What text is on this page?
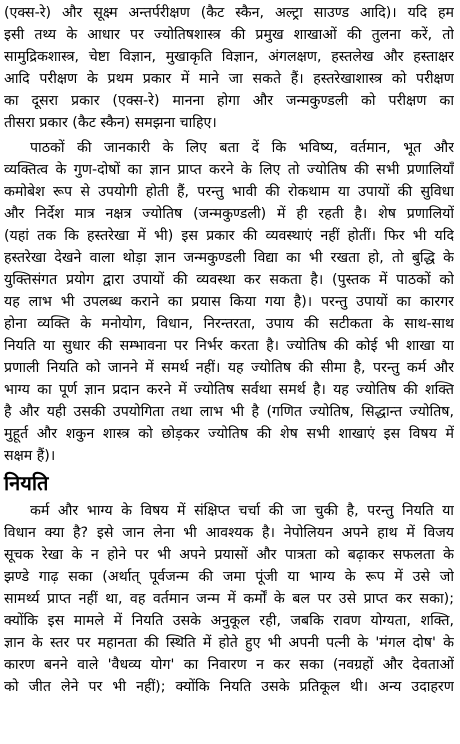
(एक्स-रे) और सूक्ष्म अन्तर्परीक्षण (कैट स्कैन, अल्ट्रा साउण्ड आदि)। यदि हम
इसी तथ्य के आधार पर ज्योतिषशास्त्र की प्रमुख शाखाओं की तुलना करें, तो
सामुद्रिकशास्त्र, चेष्टा विज्ञान, मुखाकृति विज्ञान, अंगलक्षण, हस्तलेख और हस्ताक्षर
आदि परीक्षण के प्रथम प्रकार में माने जा सकते हैं। हस्तरेखाशास्त्र को परीक्षण
का दूसरा प्रकार (एक्स-रे) मानना होगा और जन्मकुण्डली को परीक्षण का
तीसरा प्रकार (कैट स्कैन) समझना चाहिए।
पाठकों की जानकारी के लिए बता दें कि भविष्य, वर्तमान, भूत और
व्यक्तित्व के गुण-दोषों का ज्ञान प्राप्त करने के लिए तो ज्योतिष की सभी प्रणालियाँ
कमोबेश रूप से उपयोगी होती हैं, परन्तु भावी की रोकथाम या उपायों की सुविधा
और निर्देश मात्र नक्षत्र ज्योतिष (जन्मकुण्डली) में ही रहती है। शेष प्रणालियों
(यहां तक कि हस्तरेखा में भी) इस प्रकार की व्यवस्थाएं नहीं होतीं। फिर भी यदि
हस्तरेखा देखने वाला थोड़ा ज्ञान जन्मकुण्डली विद्या का भी रखता हो, तो बुद्धि के
युक्तिसंगत प्रयोग द्वारा उपायों की व्यवस्था कर सकता है। (पुस्तक में पाठकों को
यह लाभ भी उपलब्ध कराने का प्रयास किया गया है)। परन्तु उपायों का कारगर
होना व्यक्ति के मनोयोग, विधान, निरन्तरता, उपाय की सटीकता के साथ-साथ
नियति या सुधार की सम्भावना पर निर्भर करता है। ज्योतिष की कोई भी शाखा या
प्रणाली नियति को जानने में समर्थ नहीं। यह ज्योतिष की सीमा है, परन्तु कर्म और
भाग्य का पूर्ण ज्ञान प्रदान करने में ज्योतिष सर्वथा समर्थ है। यह ज्योतिष की शक्ति
है और यही उसकी उपयोगिता तथा लाभ भी है (गणित ज्योतिष, सिद्धान्त ज्योतिष,
मुहूर्त और शकुन शास्त्र को छोड़कर ज्योतिष की शेष सभी शाखाएं इस विषय में
सक्षम हैं)।
नियति
कर्म और भाग्य के विषय में संक्षिप्त चर्चा की जा चुकी है, परन्तु नियति या
विधान क्या है? इसे जान लेना भी आवश्यक है। नेपोलियन अपने हाथ में विजय
सूचक रेखा के न होने पर भी अपने प्रयासों और पात्रता को बढ़ाकर सफलता के
झण्डे गाढ़ सका (अर्थात् पूर्वजन्म की जमा पूंजी या भाग्य के रूप में उसे जो
सामर्थ्य प्राप्त नहीं था, वह वर्तमान जन्म में कर्मों के बल पर उसे प्राप्त कर सका);
क्योंकि इस मामले में नियति उसके अनुकूल रही, जबकि रावण योग्यता, शक्ति,
ज्ञान के स्तर पर महानता की स्थिति में होते हुए भी अपनी पत्नी के 'मंगल दोष' के
कारण बनने वाले 'वैधव्य योग' का निवारण न कर सका (नवग्रहों और देवताओं
को जीत लेने पर भी नहीं); क्योंकि नियति उसके प्रतिकूल थी। अन्य उदाहरण
